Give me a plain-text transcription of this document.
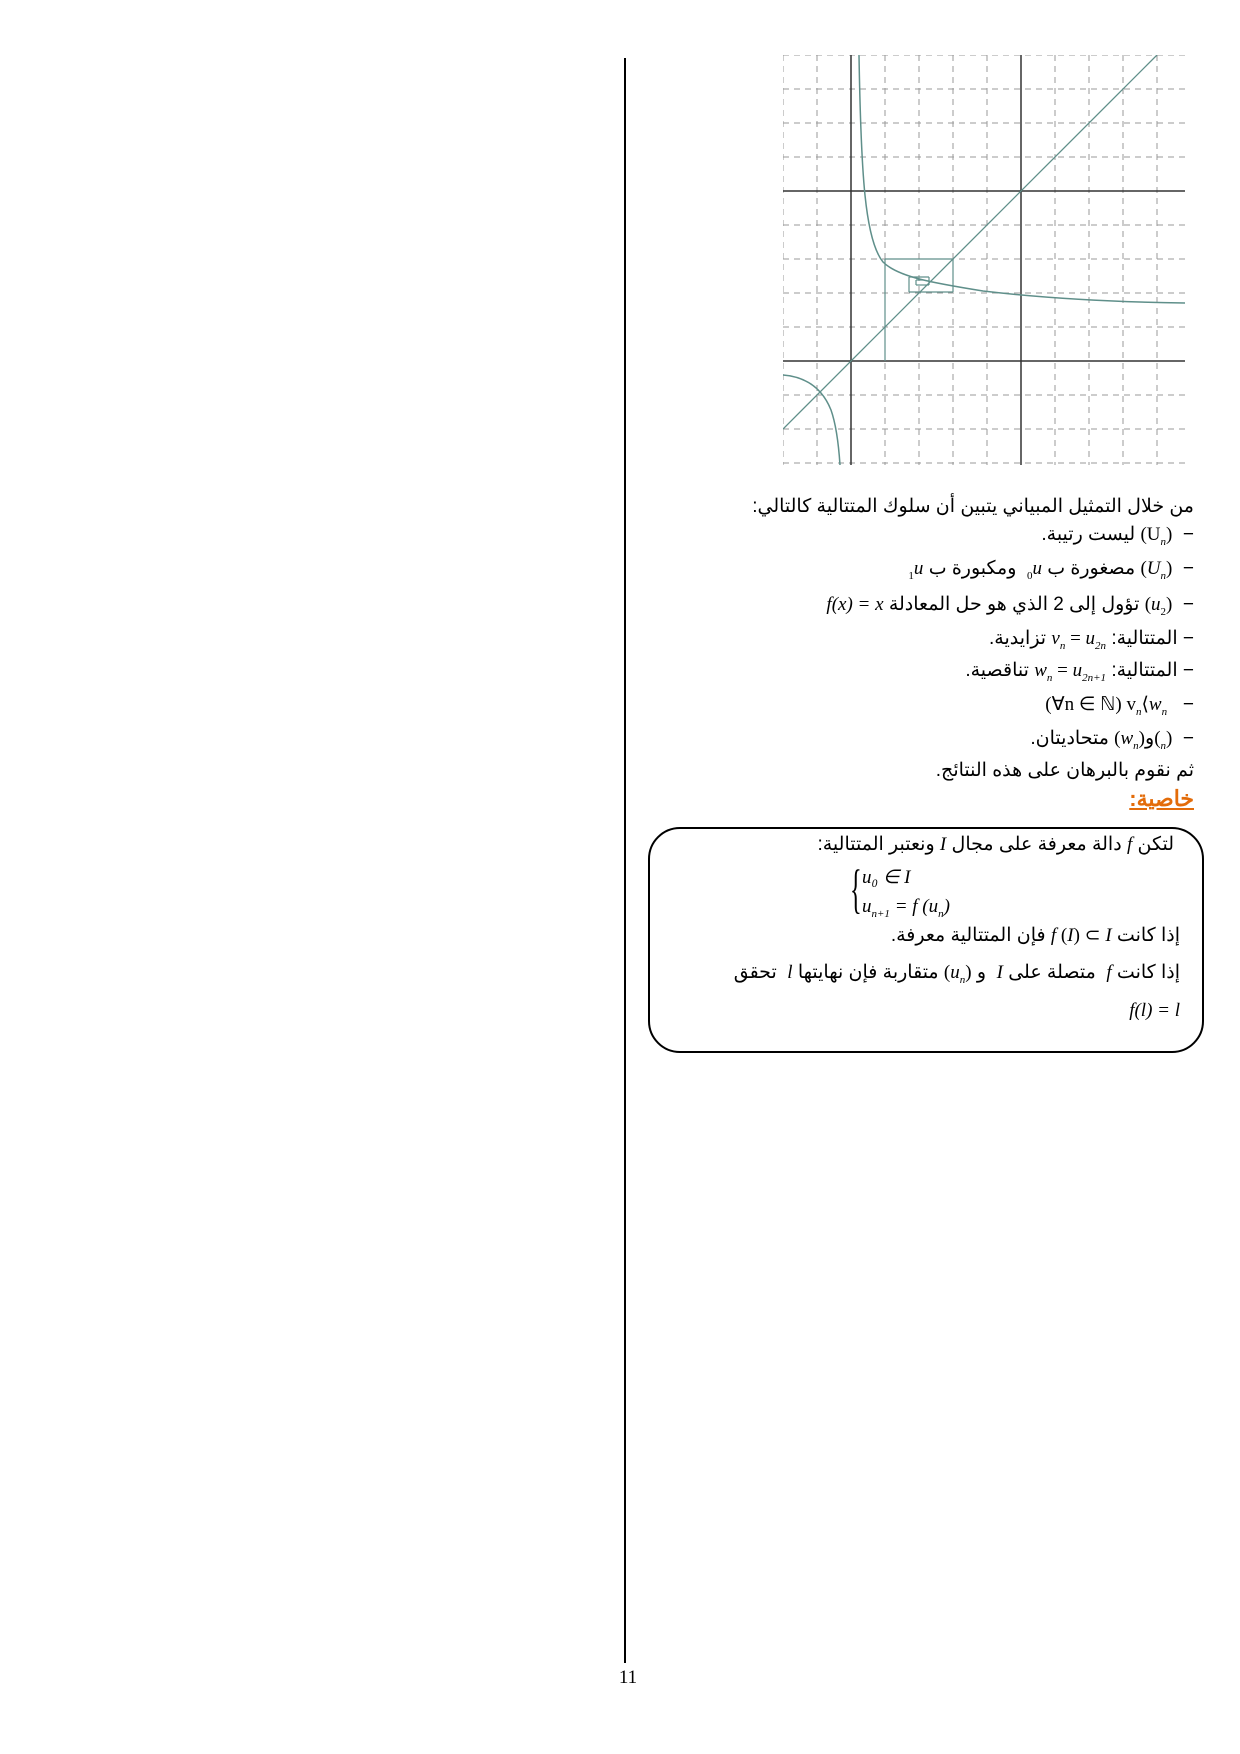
من خلال التمثيل المبياني يتبين أن سلوك المتتالية كالتالي:
−  $(U_n)$ ليست رتيبة.
−  $(U_n)$ مصغورة ب $u_0$  ومكبورة ب $u_1$
−  $(u_2)$ تؤول إلى 2 الذي هو حل المعادلة f(x) = x
− المتتالية: $v_n = u_{2n}$ تزايدية.
− المتتالية: $w_n = u_{2n+1}$ تناقصية.
−   (∀n ∈ ℕ) $v_n⟨w_n$
−  $(_n)و(w_n)$ متحاديتان.
ثم نقوم بالبرهان على هذه النتائج.
خاصية:
لتكن f دالة معرفة على مجال I ونعتبر المتتالية:
إذا كانت f (I) ⊂ I فإن المتتالية معرفة.
إذا كانت f  متصلة على I  و $(u_n)$ متقاربة فإن نهايتها l  تحقق
f(l) = l
{ u₀ ∈ I
$u_{n+1} = f$ $(u_n)$
11
